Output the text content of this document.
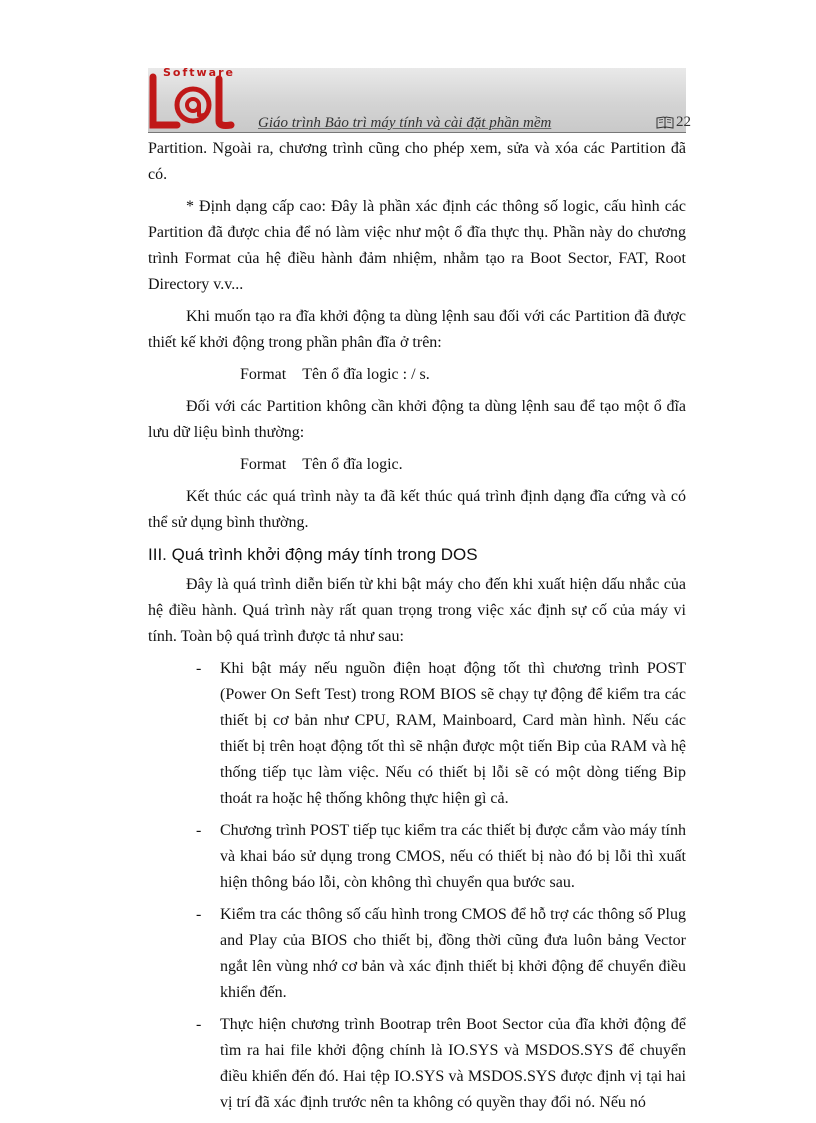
Software
Giáo trình Bảo trì máy tính và cài đặt phần mềm	22

Partition. Ngoài ra, chương trình cũng cho phép xem, sửa và xóa các Partition đã có.

* Định dạng cấp cao: Đây là phần xác định các thông số logic, cấu hình các Partition đã được chia để nó làm việc như một ổ đĩa thực thụ. Phần này do chương trình Format của hệ điều hành đảm nhiệm, nhằm tạo ra Boot Sector, FAT, Root Directory v.v...

Khi muốn tạo ra đĩa khởi động ta dùng lệnh sau đối với các Partition đã được thiết kế khởi động trong phần phân đĩa ở trên:

Format Tên ổ đĩa logic : / s.

Đối với các Partition không cần khởi động ta dùng lệnh sau để tạo một ổ đĩa lưu dữ liệu bình thường:

Format Tên ổ đĩa logic.

Kết thúc các quá trình này ta đã kết thúc quá trình định dạng đĩa cứng và có thể sử dụng bình thường.

III. Quá trình khởi động máy tính trong DOS

Đây là quá trình diễn biến từ khi bật máy cho đến khi xuất hiện dấu nhắc của hệ điều hành. Quá trình này rất quan trọng trong việc xác định sự cố của máy vi tính. Toàn bộ quá trình được tả như sau:

- Khi bật máy nếu nguồn điện hoạt động tốt thì chương trình POST (Power On Seft Test) trong ROM BIOS sẽ chạy tự động để kiểm tra các thiết bị cơ bản như CPU, RAM, Mainboard, Card màn hình. Nếu các thiết bị trên hoạt động tốt thì sẽ nhận được một tiến Bip của RAM và hệ thống tiếp tục làm việc. Nếu có thiết bị lỗi sẽ có một dòng tiếng Bip thoát ra hoặc hệ thống không thực hiện gì cả.
- Chương trình POST tiếp tục kiểm tra các thiết bị được cắm vào máy tính và khai báo sử dụng trong CMOS, nếu có thiết bị nào đó bị lỗi thì xuất hiện thông báo lỗi, còn không thì chuyển qua bước sau.
- Kiểm tra các thông số cấu hình trong CMOS để hỗ trợ các thông số Plug and Play của BIOS cho thiết bị, đồng thời cũng đưa luôn bảng Vector ngắt lên vùng nhớ cơ bản và xác định thiết bị khởi động để chuyển điều khiển đến.
- Thực hiện chương trình Bootrap trên Boot Sector của đĩa khởi động để tìm ra hai file khởi động chính là IO.SYS và MSDOS.SYS để chuyển điều khiển đến đó. Hai tệp IO.SYS và MSDOS.SYS được định vị tại hai vị trí đã xác định trước nên ta không có quyền thay đổi nó. Nếu nó
